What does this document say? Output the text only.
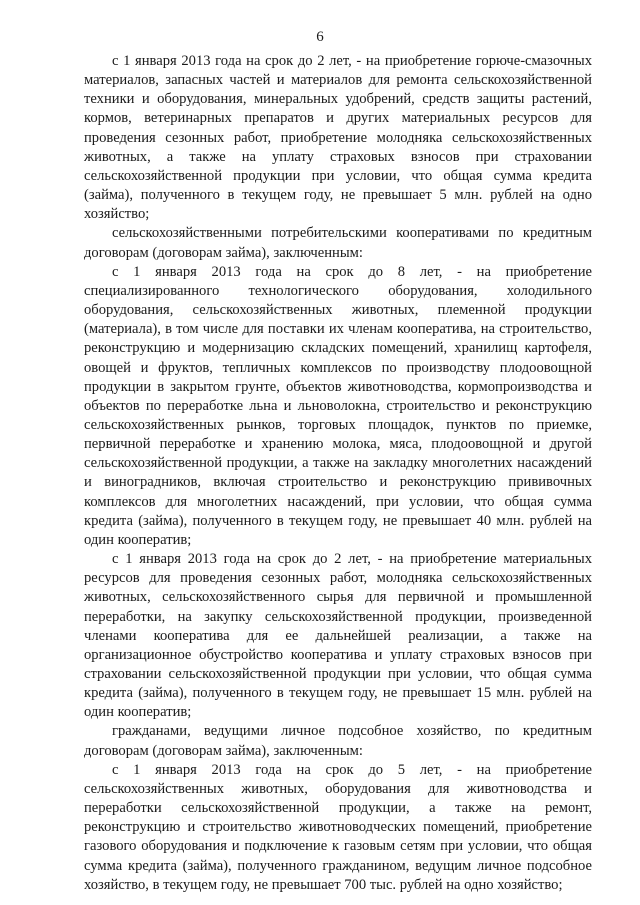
6

с 1 января 2013 года на срок до 2 лет, - на приобретение горюче-смазочных материалов, запасных частей и материалов для ремонта сельскохозяйственной техники и оборудования, минеральных удобрений, средств защиты растений, кормов, ветеринарных препаратов и других материальных ресурсов для проведения сезонных работ, приобретение молодняка сельскохозяйственных животных, а также на уплату страховых взносов при страховании сельскохозяйственной продукции при условии, что общая сумма кредита (займа), полученного в текущем году, не превышает 5 млн. рублей на одно хозяйство;

сельскохозяйственными потребительскими кооперативами по кредитным договорам (договорам займа), заключенным:

с 1 января 2013 года на срок до 8 лет, - на приобретение специализированного технологического оборудования, холодильного оборудования, сельскохозяйственных животных, племенной продукции (материала), в том числе для поставки их членам кооператива, на строительство, реконструкцию и модернизацию складских помещений, хранилищ картофеля, овощей и фруктов, тепличных комплексов по производству плодоовощной продукции в закрытом грунте, объектов животноводства, кормопроизводства и объектов по переработке льна и льноволокна, строительство и реконструкцию сельскохозяйственных рынков, торговых площадок, пунктов по приемке, первичной переработке и хранению молока, мяса, плодоовощной и другой сельскохозяйственной продукции, а также на закладку многолетних насаждений и виноградников, включая строительство и реконструкцию прививочных комплексов для многолетних насаждений, при условии, что общая сумма кредита (займа), полученного в текущем году, не превышает 40 млн. рублей на один кооператив;

с 1 января 2013 года на срок до 2 лет, - на приобретение материальных ресурсов для проведения сезонных работ, молодняка сельскохозяйственных животных, сельскохозяйственного сырья для первичной и промышленной переработки, на закупку сельскохозяйственной продукции, произведенной членами кооператива для ее дальнейшей реализации, а также на организационное обустройство кооператива и уплату страховых взносов при страховании сельскохозяйственной продукции при условии, что общая сумма кредита (займа), полученного в текущем году, не превышает 15 млн. рублей на один кооператив;

гражданами, ведущими личное подсобное хозяйство, по кредитным договорам (договорам займа), заключенным:

с 1 января 2013 года на срок до 5 лет, - на приобретение сельскохозяйственных животных, оборудования для животноводства и переработки сельскохозяйственной продукции, а также на ремонт, реконструкцию и строительство животноводческих помещений, приобретение газового оборудования и подключение к газовым сетям при условии, что общая сумма кредита (займа), полученного гражданином, ведущим личное подсобное хозяйство, в текущем году, не превышает 700 тыс. рублей на одно хозяйство;
